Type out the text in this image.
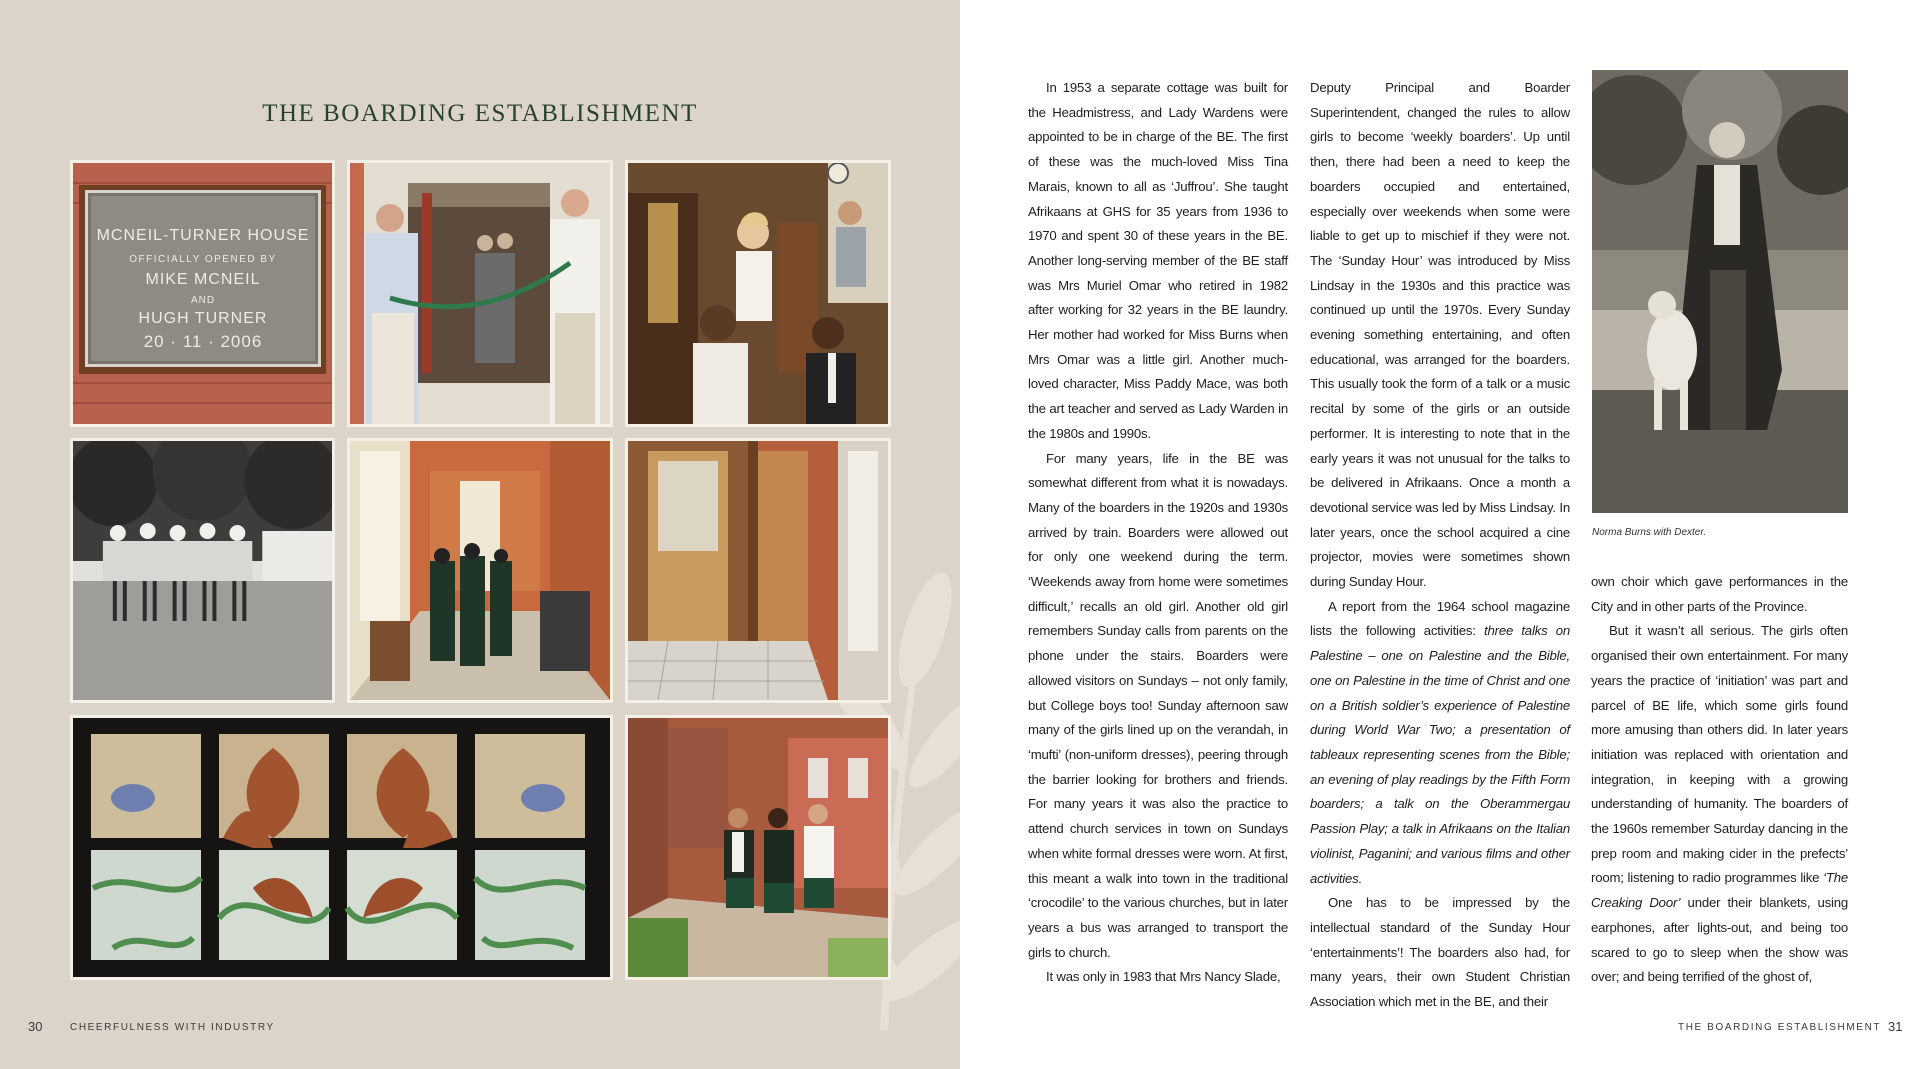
THE BOARDING ESTABLISHMENT
MCNEIL-TURNER HOUSE
OFFICIALLY OPENED BY
MIKE MCNEIL
AND
HUGH TURNER
20 · 11 · 2006
30	CHEERFULNESS WITH INDUSTRY

In 1953 a separate cottage was built for the Headmistress, and Lady Wardens were appointed to be in charge of the BE. The first of these was the much-loved Miss Tina Marais, known to all as ‘Juffrou’. She taught Afrikaans at GHS for 35 years from 1936 to 1970 and spent 30 of these years in the BE. Another long-serving member of the BE staff was Mrs Muriel Omar who retired in 1982 after working for 32 years in the BE laundry. Her mother had worked for Miss Burns when Mrs Omar was a little girl. Another much-loved character, Miss Paddy Mace, was both the art teacher and served as Lady Warden in the 1980s and 1990s.

For many years, life in the BE was somewhat different from what it is nowadays. Many of the boarders in the 1920s and 1930s arrived by train. Boarders were allowed out for only one weekend during the term. ‘Weekends away from home were sometimes difficult,’ recalls an old girl. Another old girl remembers Sunday calls from parents on the phone under the stairs. Boarders were allowed visitors on Sundays – not only family, but College boys too! Sunday afternoon saw many of the girls lined up on the verandah, in ‘mufti’ (non-uniform dresses), peering through the barrier looking for brothers and friends. For many years it was also the practice to attend church services in town on Sundays when white formal dresses were worn. At first, this meant a walk into town in the traditional ‘crocodile’ to the various churches, but in later years a bus was arranged to transport the girls to church.

It was only in 1983 that Mrs Nancy Slade,

Deputy Principal and Boarder Superintendent, changed the rules to allow girls to become ‘weekly boarders’. Up until then, there had been a need to keep the boarders occupied and entertained, especially over weekends when some were liable to get up to mischief if they were not. The ‘Sunday Hour’ was introduced by Miss Lindsay in the 1930s and this practice was continued up until the 1970s. Every Sunday evening something entertaining, and often educational, was arranged for the boarders. This usually took the form of a talk or a music recital by some of the girls or an outside performer. It is interesting to note that in the early years it was not unusual for the talks to be delivered in Afrikaans. Once a month a devotional service was led by Miss Lindsay. In later years, once the school acquired a cine projector, movies were sometimes shown during Sunday Hour.

A report from the 1964 school magazine lists the following activities: three talks on Palestine – one on Palestine and the Bible, one on Palestine in the time of Christ and one on a British soldier’s experience of Palestine during World War Two; a presentation of tableaux representing scenes from the Bible; an evening of play readings by the Fifth Form boarders; a talk on the Oberammergau Passion Play; a talk in Afrikaans on the Italian violinist, Paganini; and various films and other activities.

One has to be impressed by the intellectual standard of the Sunday Hour ‘entertainments’! The boarders also had, for many years, their own Student Christian Association which met in the BE, and their

Norma Burns with Dexter.

own choir which gave performances in the City and in other parts of the Province.

But it wasn’t all serious. The girls often organised their own entertainment. For many years the practice of ‘initiation’ was part and parcel of BE life, which some girls found more amusing than others did. In later years initiation was replaced with orientation and integration, in keeping with a growing understanding of humanity. The boarders of the 1960s remember Saturday dancing in the prep room and making cider in the prefects’ room; listening to radio programmes like ‘The Creaking Door’ under their blankets, using earphones, after lights-out, and being too scared to go to sleep when the show was over; and being terrified of the ghost of,

THE BOARDING ESTABLISHMENT 31
